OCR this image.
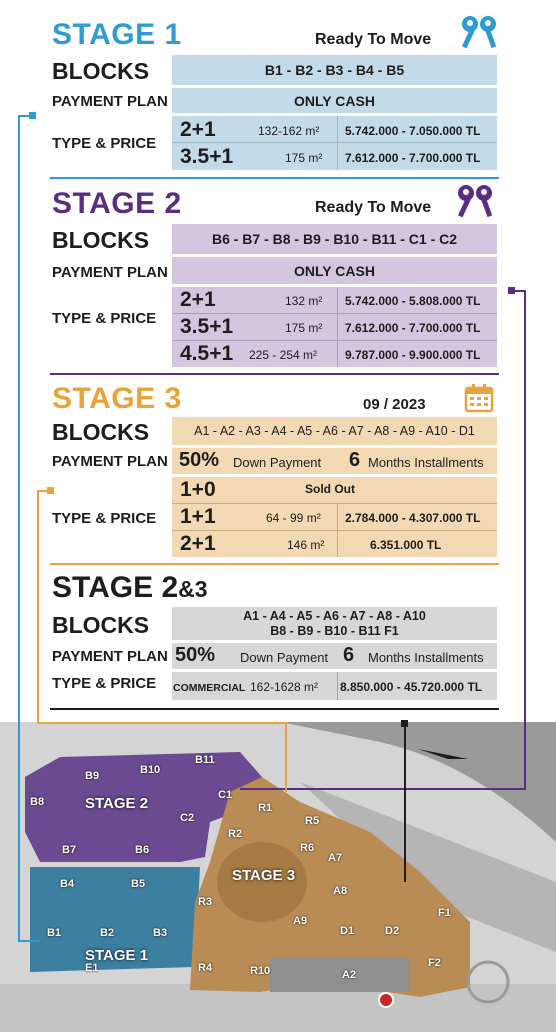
STAGE 1	Ready To Move
BLOCKS	B1 - B2 - B3 - B4 - B5
PAYMENT PLAN	ONLY CASH
TYPE & PRICE
2+1	132-162 m² 5.742.000 - 7.050.000 TL
3.5+1	175 m² 7.612.000 - 7.700.000 TL
STAGE 2	Ready To Move
BLOCKS	B6 - B7 - B8 - B9 - B10 - B11 - C1 - C2
PAYMENT PLAN	ONLY CASH
TYPE & PRICE
2+1	132 m² 5.742.000 - 5.808.000 TL
3.5+1	175 m² 7.612.000 - 7.700.000 TL
4.5+1 225 - 254 m² 9.787.000 - 9.900.000 TL
STAGE 3	09 / 2023
BLOCKS	A1 - A2 - A3 - A4 - A5 - A6 - A7 - A8 - A9 - A10 - D1
PAYMENT PLAN 50% Down Payment 6 Months Installments
TYPE & PRICE
1+0	Sold Out
1+1	64 - 99 m² 2.784.000 - 4.307.000 TL
2+1	146 m²	6.351.000 TL
STAGE 2&3
BLOCKS	A1 - A4 - A5 - A6 - A7 - A8 - A10
B8 - B9 - B10 - B11 F1
PAYMENT PLAN 50% Down Payment 6 Months Installments
TYPE & PRICE COMMERCIAL 162-1628 m² 8.850.000 - 45.720.000 TL
STAGE 2
STAGE 1
STAGE 3
B8
B9	B10
B11
C1
C2
B7	B6
B4	B5
B1	B2	B3
E1
R1
R2
R3
R4
R5
R6
A7
A8
A9
R10	A2
D1	D2
F1
F2
